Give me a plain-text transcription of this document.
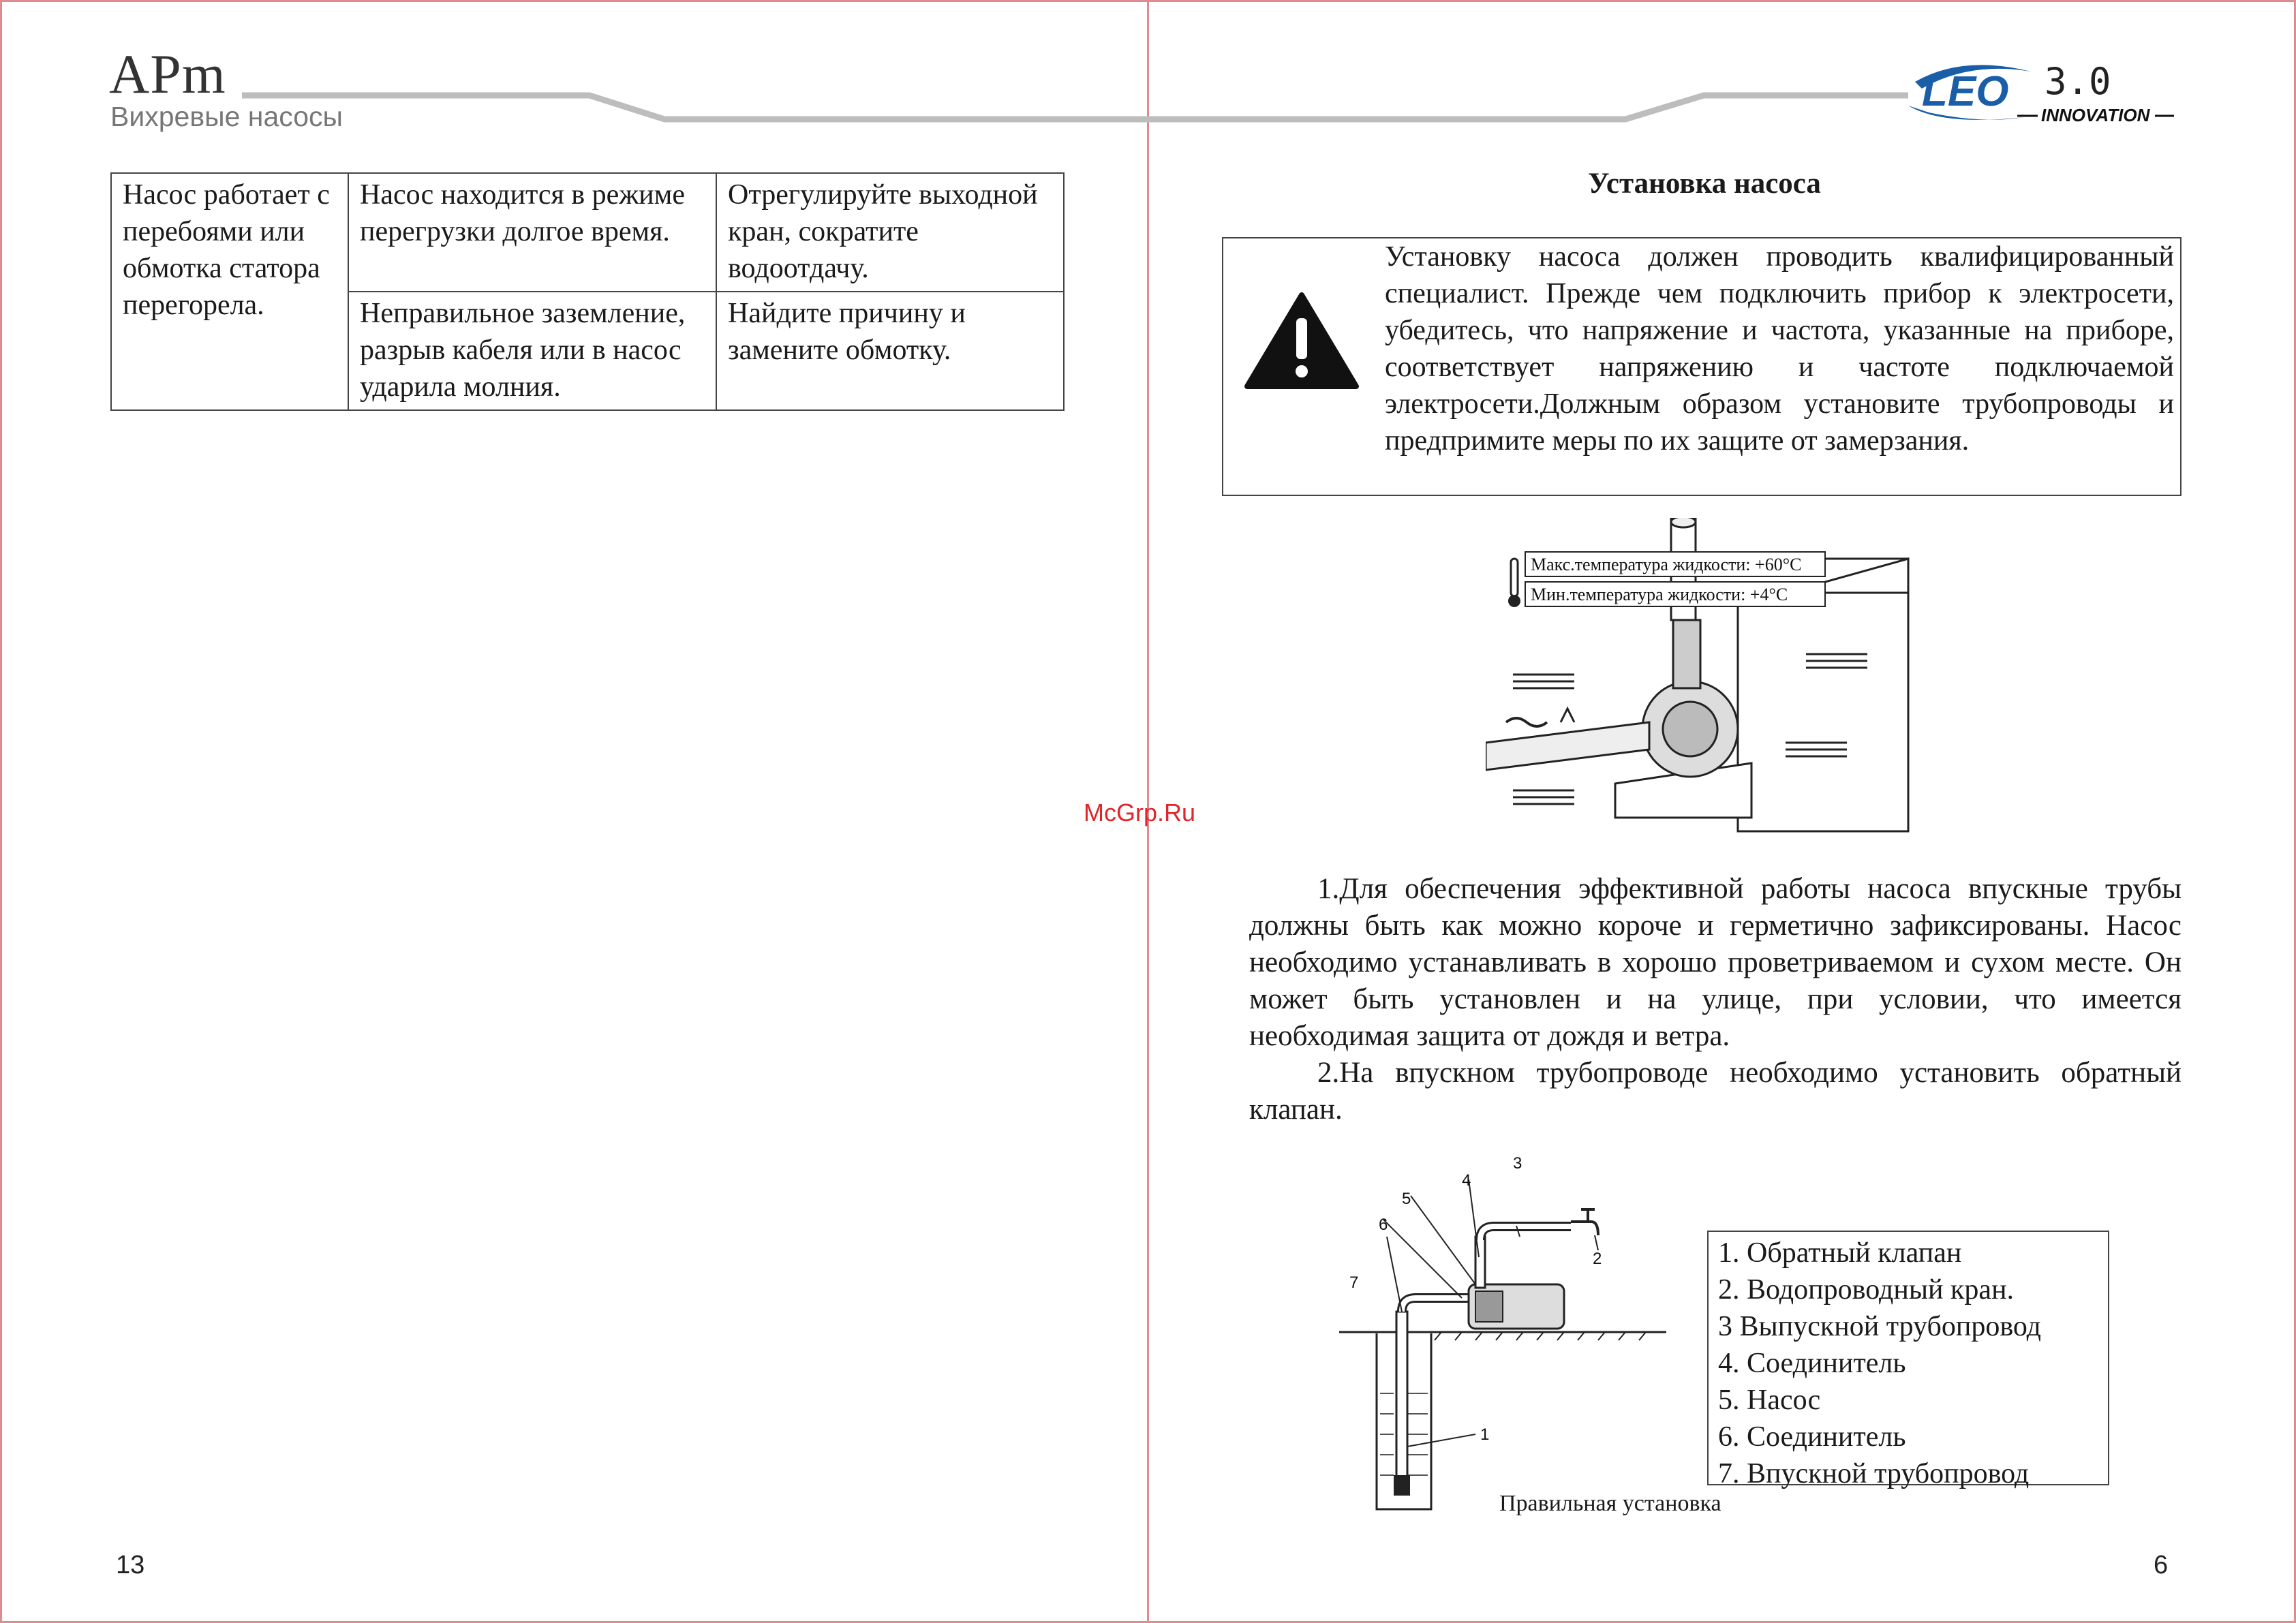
APm
Вихревые насосы
Насос работает с перебоями или обмотка статора перегорела.	Насос находится в режиме перегрузки долгое время.	Отрегулируйте выходной кран, сократите водоотдачу.
	Неправильное заземление, разрыв кабеля или в насос ударила молния.	Найдите причину и замените обмотку.
13
LEO 3.0
INNOVATION
Установка насоса

Установку насоса должен проводить квалифицированный специалист. Прежде чем подключить прибор к электросети, убедитесь, что напряжение и частота, указанные на приборе, соответствует напряжению и частоте подключаемой электросети.Должным образом установите трубопроводы и предпримите меры по их защите от замерзания.

Макс.температура жидкости: +60°C
Мин.температура жидкости: +4°C
McGrp.Ru

1.Для обеспечения эффективной работы насоса впускные трубы должны быть как можно короче и герметично зафиксированы. Насос необходимо устанавливать в хорошо проветриваемом и сухом месте. Он может быть установлен и на улице, при условии, что имеется необходимая защита от дождя и ветра.

2.На впускном трубопроводе необходимо установить обратный клапан.

1
2
3
4
5
6
7
Правильная установка
1. Обратный клапан
2. Водопроводный кран.
3 Выпускной трубопровод
4. Соединитель
5. Насос
6. Соединитель
7. Впускной трубопровод
6
